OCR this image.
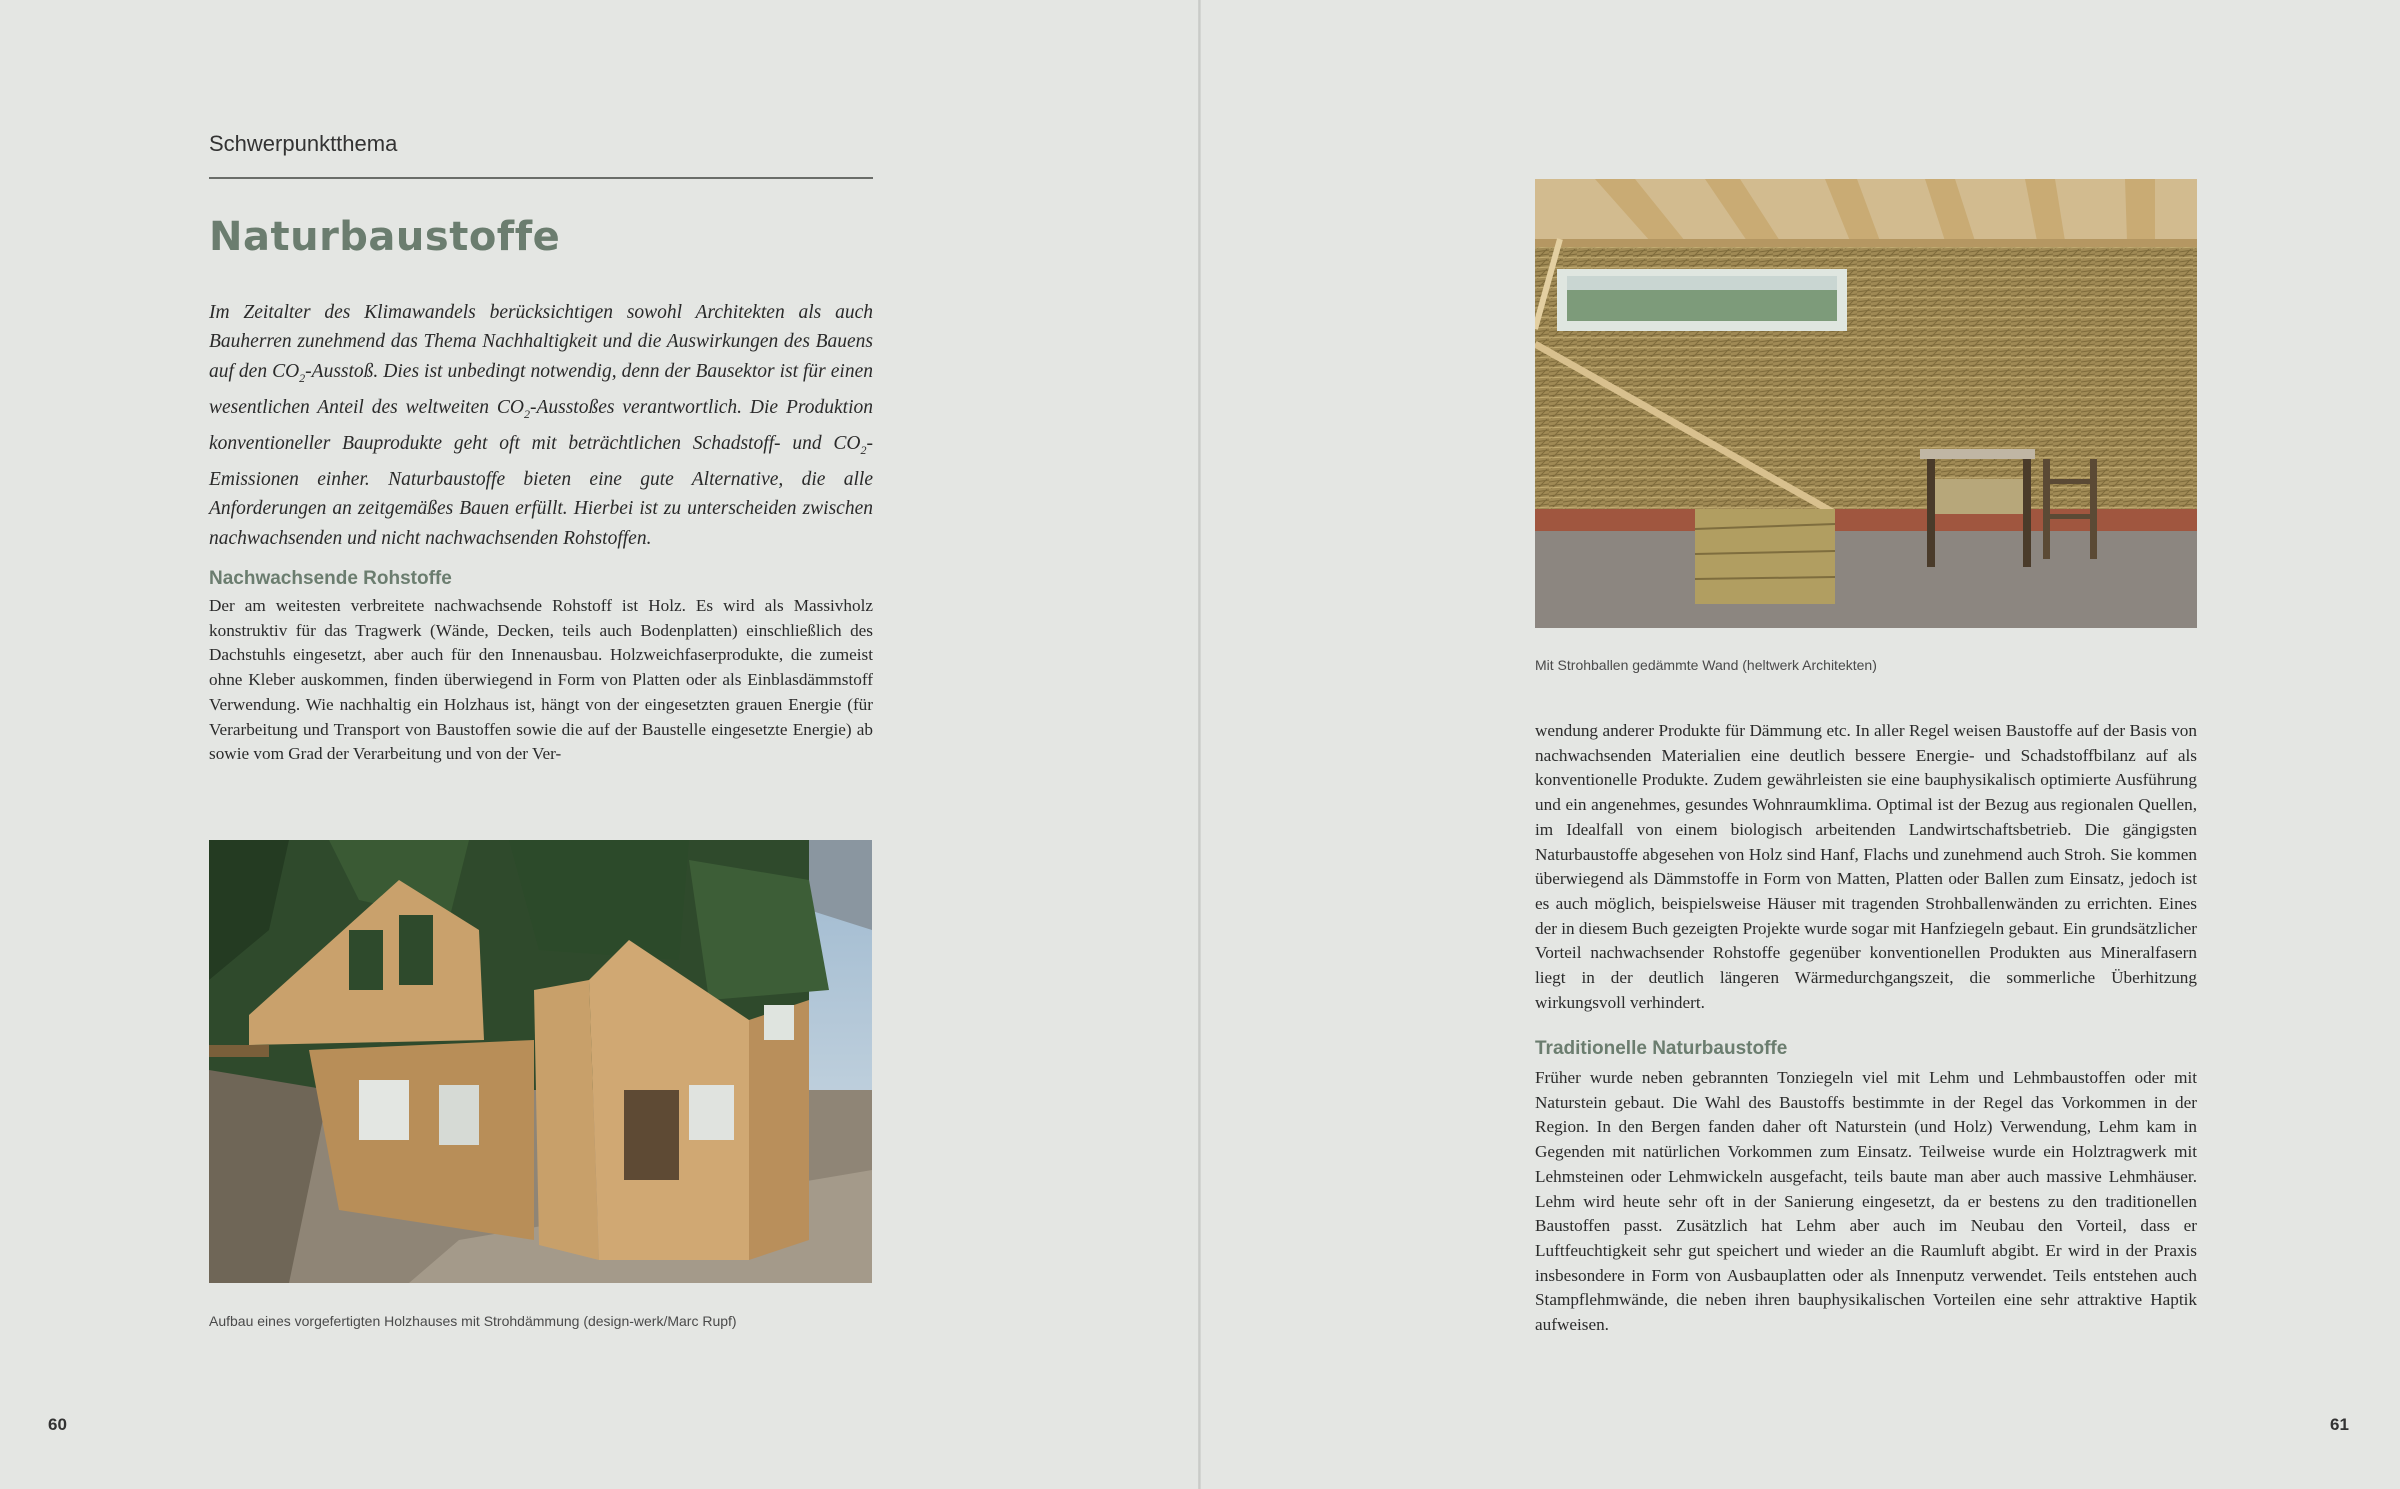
Schwerpunktthema
Naturbaustoffe
Im Zeitalter des Klimawandels berücksichtigen sowohl Architekten als auch Bauherren zunehmend das Thema Nachhaltigkeit und die Auswirkungen des Bauens auf den $CO_2$-Ausstoß. Dies ist unbedingt notwendig, denn der Bausektor ist für einen wesentlichen Anteil des weltweiten $CO_2$-Ausstoßes verantwortlich. Die Produktion konventioneller Bauprodukte geht oft mit beträchtlichen Schadstoff- und $CO_2$-Emissionen einher. Naturbaustoffe bieten eine gute Alternative, die alle Anforderungen an zeitgemäßes Bauen erfüllt. Hierbei ist zu unterscheiden zwischen nachwachsenden und nicht nachwachsenden Rohstoffen.
Nachwachsende Rohstoffe
Der am weitesten verbreitete nachwachsende Rohstoff ist Holz. Es wird als Massivholz konstruktiv für das Tragwerk (Wände, Decken, teils auch Bodenplatten) einschließlich des Dachstuhls eingesetzt, aber auch für den Innenausbau. Holzweichfaserprodukte, die zumeist ohne Kleber auskommen, finden überwiegend in Form von Platten oder als Einblasdämmstoff Verwendung. Wie nachhaltig ein Holzhaus ist, hängt von der eingesetzten grauen Energie (für Verarbeitung und Transport von Baustoffen sowie die auf der Baustelle eingesetzte Energie) ab sowie vom Grad der Verarbeitung und von der Ver-
Aufbau eines vorgefertigten Holzhauses mit Strohdämmung (design-werk/Marc Rupf)
60
Mit Strohballen gedämmte Wand (heltwerk Architekten)
wendung anderer Produkte für Dämmung etc. In aller Regel weisen Baustoffe auf der Basis von nachwachsenden Materialien eine deutlich bessere Energie- und Schadstoffbilanz auf als konventionelle Produkte. Zudem gewährleisten sie eine bauphysikalisch optimierte Ausführung und ein angenehmes, gesundes Wohnraumklima. Optimal ist der Bezug aus regionalen Quellen, im Idealfall von einem biologisch arbeitenden Landwirtschaftsbetrieb. Die gängigsten Naturbaustoffe abgesehen von Holz sind Hanf, Flachs und zunehmend auch Stroh. Sie kommen überwiegend als Dämmstoffe in Form von Matten, Platten oder Ballen zum Einsatz, jedoch ist es auch möglich, beispielsweise Häuser mit tragenden Strohballenwänden zu errichten. Eines der in diesem Buch gezeigten Projekte wurde sogar mit Hanfziegeln gebaut. Ein grundsätzlicher Vorteil nachwachsender Rohstoffe gegenüber konventionellen Produkten aus Mineralfasern liegt in der deutlich längeren Wärmedurchgangszeit, die sommerliche Überhitzung wirkungsvoll verhindert.
Traditionelle Naturbaustoffe
Früher wurde neben gebrannten Tonziegeln viel mit Lehm und Lehmbaustoffen oder mit Naturstein gebaut. Die Wahl des Baustoffs bestimmte in der Regel das Vorkommen in der Region. In den Bergen fanden daher oft Naturstein (und Holz) Verwendung, Lehm kam in Gegenden mit natürlichen Vorkommen zum Einsatz. Teilweise wurde ein Holztragwerk mit Lehmsteinen oder Lehmwickeln ausgefacht, teils baute man aber auch massive Lehmhäuser. Lehm wird heute sehr oft in der Sanierung eingesetzt, da er bestens zu den traditionellen Baustoffen passt. Zusätzlich hat Lehm aber auch im Neubau den Vorteil, dass er Luftfeuchtigkeit sehr gut speichert und wieder an die Raumluft abgibt. Er wird in der Praxis insbesondere in Form von Ausbauplatten oder als Innenputz verwendet. Teils entstehen auch Stampflehmwände, die neben ihren bauphysikalischen Vorteilen eine sehr attraktive Haptik aufweisen.
61
